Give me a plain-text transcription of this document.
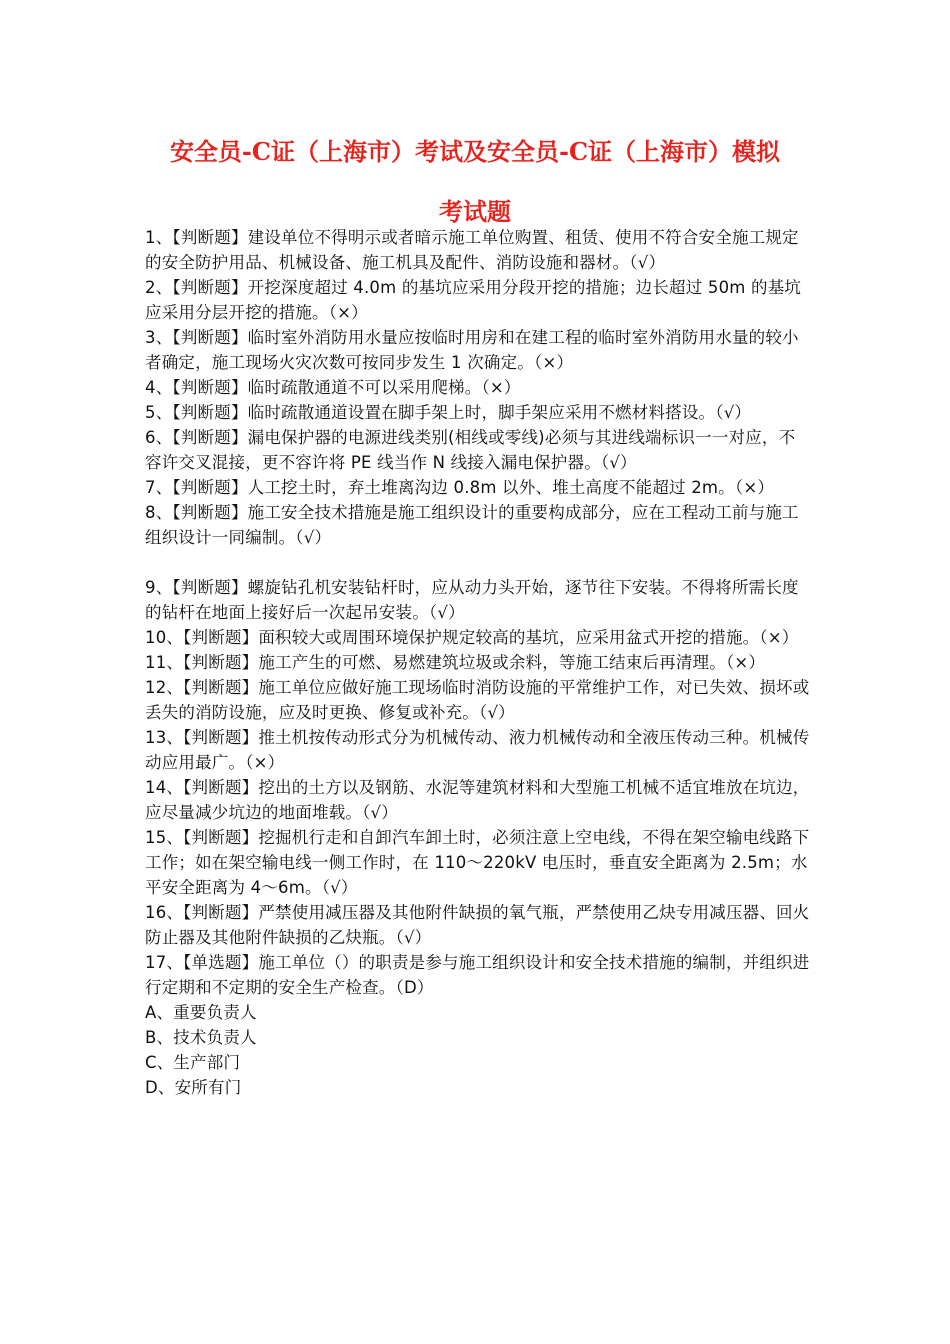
安全员-C证（上海市）考试及安全员-C证（上海市）模拟
考试题

1、【判断题】建设单位不得明示或者暗示施工单位购置、租赁、使用不符合安全施工规定的安全防护用品、机械设备、施工机具及配件、消防设施和器材。（√）

2、【判断题】开挖深度超过 4.0m 的基坑应采用分段开挖的措施；边长超过 50m 的基坑应采用分层开挖的措施。（×）

3、【判断题】临时室外消防用水量应按临时用房和在建工程的临时室外消防用水量的较小者确定，施工现场火灾次数可按同步发生 1 次确定。（×）

4、【判断题】临时疏散通道不可以采用爬梯。（×）

5、【判断题】临时疏散通道设置在脚手架上时，脚手架应采用不燃材料搭设。（√）

6、【判断题】漏电保护器的电源进线类别(相线或零线)必须与其进线端标识一一对应，不容许交叉混接，更不容许将 PE 线当作 N 线接入漏电保护器。（√）

7、【判断题】人工挖土时，弃土堆离沟边 0.8m 以外、堆土高度不能超过 2m。（×）

8、【判断题】施工安全技术措施是施工组织设计的重要构成部分，应在工程动工前与施工组织设计一同编制。（√）

9、【判断题】螺旋钻孔机安装钻杆时，应从动力头开始，逐节往下安装。不得将所需长度的钻杆在地面上接好后一次起吊安装。（√）

10、【判断题】面积较大或周围环境保护规定较高的基坑，应采用盆式开挖的措施。（×）

11、【判断题】施工产生的可燃、易燃建筑垃圾或余料，等施工结束后再清理。（×）

12、【判断题】施工单位应做好施工现场临时消防设施的平常维护工作，对已失效、损坏或丢失的消防设施，应及时更换、修复或补充。（√）

13、【判断题】推土机按传动形式分为机械传动、液力机械传动和全液压传动三种。机械传动应用最广。（×）

14、【判断题】挖出的土方以及钢筋、水泥等建筑材料和大型施工机械不适宜堆放在坑边，应尽量减少坑边的地面堆载。（√）

15、【判断题】挖掘机行走和自卸汽车卸土时，必须注意上空电线，不得在架空输电线路下工作；如在架空输电线一侧工作时，在 110～220kV 电压时，垂直安全距离为 2.5m；水平安全距离为 4～6m。（√）

16、【判断题】严禁使用减压器及其他附件缺损的氧气瓶，严禁使用乙炔专用减压器、回火防止器及其他附件缺损的乙炔瓶。（√）

17、【单选题】施工单位（）的职责是参与施工组织设计和安全技术措施的编制，并组织进行定期和不定期的安全生产检查。（D）

A、重要负责人

B、技术负责人

C、生产部门

D、安所有门
